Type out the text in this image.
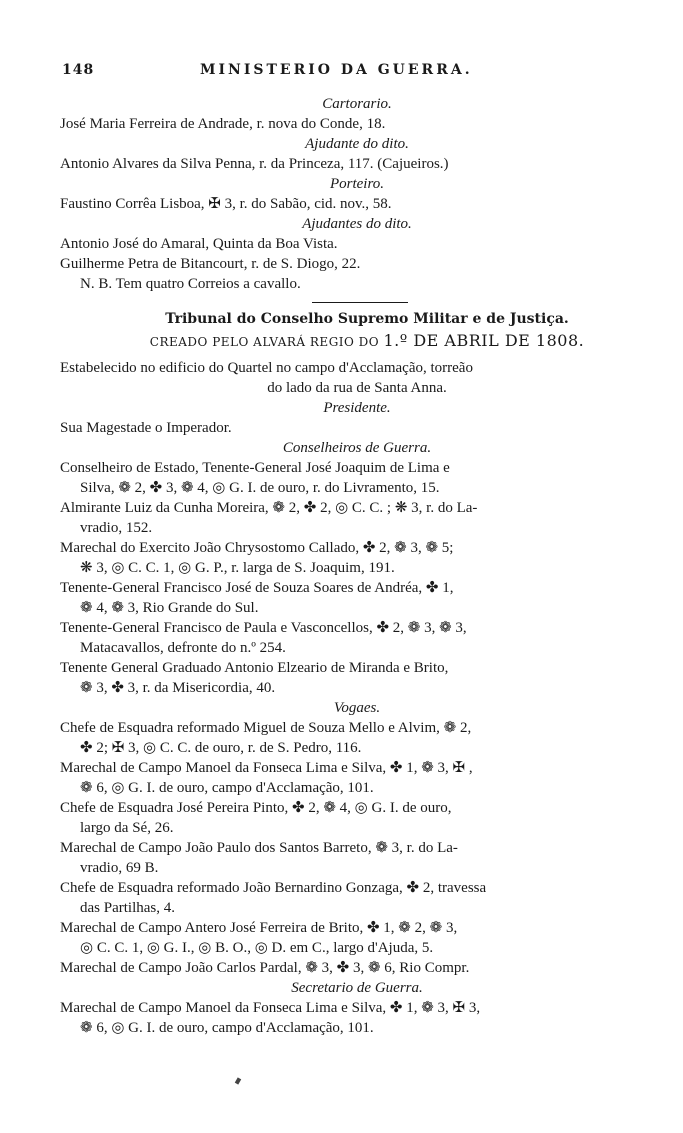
148	MINISTERIO DA GUERRA.
Cartorario.
José Maria Ferreira de Andrade, r. nova do Conde, 18.
Ajudante do dito.
Antonio Alvares da Silva Penna, r. da Princeza, 117. (Cajueiros.)
Porteiro.
Faustino Corrêa Lisboa, ✠ 3, r. do Sabão, cid. nov., 58.
Ajudantes do dito.
Antonio José do Amaral, Quinta da Boa Vista.
Guilherme Petra de Bitancourt, r. de S. Diogo, 22.
N. B. Tem quatro Correios a cavallo.
Tribunal do Conselho Supremo Militar e de Justiça.
CREADO PELO ALVARÁ REGIO DO 1.º DE ABRIL DE 1808.
Estabelecido no edificio do Quartel no campo d'Acclamação, torreão
do lado da rua de Santa Anna.
Presidente.
Sua Magestade o Imperador.
Conselheiros de Guerra.
Conselheiro de Estado, Tenente-General José Joaquim de Lima e
Silva, ❁ 2, ✤ 3, ❁ 4, ◎ G. I. de ouro, r. do Livramento, 15.
Almirante Luiz da Cunha Moreira, ❁ 2, ✤ 2, ◎ C. C. ; ❋ 3, r. do La-
vradio, 152.
Marechal do Exercito João Chrysostomo Callado, ✤ 2, ❁ 3, ❁ 5;
❋ 3, ◎ C. C. 1, ◎ G. P., r. larga de S. Joaquim, 191.
Tenente-General Francisco José de Souza Soares de Andréa, ✤ 1,
❁ 4, ❁ 3, Rio Grande do Sul.
Tenente-General Francisco de Paula e Vasconcellos, ✤ 2, ❁ 3, ❁ 3,
Matacavallos, defronte do n.º 254.
Tenente General Graduado Antonio Elzeario de Miranda e Brito,
❁ 3, ✤ 3, r. da Misericordia, 40.
Vogaes.
Chefe de Esquadra reformado Miguel de Souza Mello e Alvim, ❁ 2,
✤ 2; ✠ 3, ◎ C. C. de ouro, r. de S. Pedro, 116.
Marechal de Campo Manoel da Fonseca Lima e Silva, ✤ 1, ❁ 3, ✠ ,
❁ 6, ◎ G. I. de ouro, campo d'Acclamação, 101.
Chefe de Esquadra José Pereira Pinto, ✤ 2, ❁ 4, ◎ G. I. de ouro,
largo da Sé, 26.
Marechal de Campo João Paulo dos Santos Barreto, ❁ 3, r. do La-
vradio, 69 B.
Chefe de Esquadra reformado João Bernardino Gonzaga, ✤ 2, travessa
das Partilhas, 4.
Marechal de Campo Antero José Ferreira de Brito, ✤ 1, ❁ 2, ❁ 3,
◎ C. C. 1, ◎ G. I., ◎ B. O., ◎ D. em C., largo d'Ajuda, 5.
Marechal de Campo João Carlos Pardal, ❁ 3, ✤ 3, ❁ 6, Rio Compr.
Secretario de Guerra.
Marechal de Campo Manoel da Fonseca Lima e Silva, ✤ 1, ❁ 3, ✠ 3,
❁ 6, ◎ G. I. de ouro, campo d'Acclamação, 101.
